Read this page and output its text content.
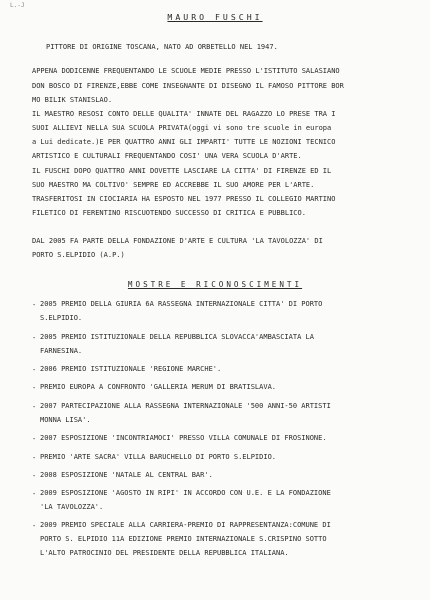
L.-J
MAURO FUSCHI
PITTORE DI ORIGINE TOSCANA, NATO AD ORBETELLO NEL 1947.
APPENA DODICENNE FREQUENTANDO LE SCUOLE MEDIE PRESSO L'ISTITUTO SALASIANO
DON BOSCO DI FIRENZE,EBBE COME INSEGNANTE DI DISEGNO IL FAMOSO PITTORE BOR
MO BILIK STANISLAO.
IL MAESTRO RESOSI CONTO DELLE QUALITA' INNATE DEL RAGAZZO LO PRESE TRA I
SUOI ALLIEVI NELLA SUA SCUOLA PRIVATA(oggi vi sono tre scuole in europa
a Lui dedicate.)E PER QUATTRO ANNI GLI IMPARTI' TUTTE LE NOZIONI TECNICO
ARTISTICO E CULTURALI FREQUENTANDO COSI' UNA VERA SCUOLA D'ARTE.
IL FUSCHI DOPO QUATTRO ANNI DOVETTE LASCIARE LA CITTA' DI FIRENZE ED IL
SUO MAESTRO MA COLTIVO' SEMPRE ED ACCREBBE IL SUO AMORE PER L'ARTE.
TRASFERITOSI IN CIOCIARIA HA ESPOSTO NEL 1977 PRESSO IL COLLEGIO MARTINO
FILETICO DI FERENTINO RISCUOTENDO SUCCESSO DI CRITICA E PUBBLICO.
DAL 2005 FA PARTE DELLA FONDAZIONE D'ARTE E CULTURA 'LA TAVOLOZZA' DI
PORTO S.ELPIDIO (A.P.)
MOSTRE E RICONOSCIMENTI
- 2005 PREMIO DELLA GIURIA 6A RASSEGNA INTERNAZIONALE CITTA' DI PORTO
S.ELPIDIO.
- 2005 PREMIO ISTITUZIONALE DELLA REPUBBLICA SLOVACCA'AMBASCIATA LA
FARNESINA.
- 2006 PREMIO ISTITUZIONALE 'REGIONE MARCHE'.
- PREMIO EUROPA A CONFRONTO 'GALLERIA MERUM DI BRATISLAVA.
- 2007 PARTECIPAZIONE ALLA RASSEGNA INTERNAZIONALE '500 ANNI-50 ARTISTI
MONNA LISA'.
- 2007 ESPOSIZIONE 'INCONTRIAMOCI' PRESSO VILLA COMUNALE DI FROSINONE.
- PREMIO 'ARTE SACRA' VILLA BARUCHELLO DI PORTO S.ELPIDIO.
- 2008 ESPOSIZIONE 'NATALE AL CENTRAL BAR'.
- 2009 ESPOSIZIONE 'AGOSTO IN RIPI' IN ACCORDO CON U.E. E LA FONDAZIONE
'LA TAVOLOZZA'.
- 2009 PREMIO SPECIALE ALLA CARRIERA-PREMIO DI RAPPRESENTANZA:COMUNE DI
PORTO S. ELPIDIO 11A EDIZIONE PREMIO INTERNAZIONALE S.CRISPINO SOTTO
L'ALTO PATROCINIO DEL PRESIDENTE DELLA REPUBBLICA ITALIANA.
